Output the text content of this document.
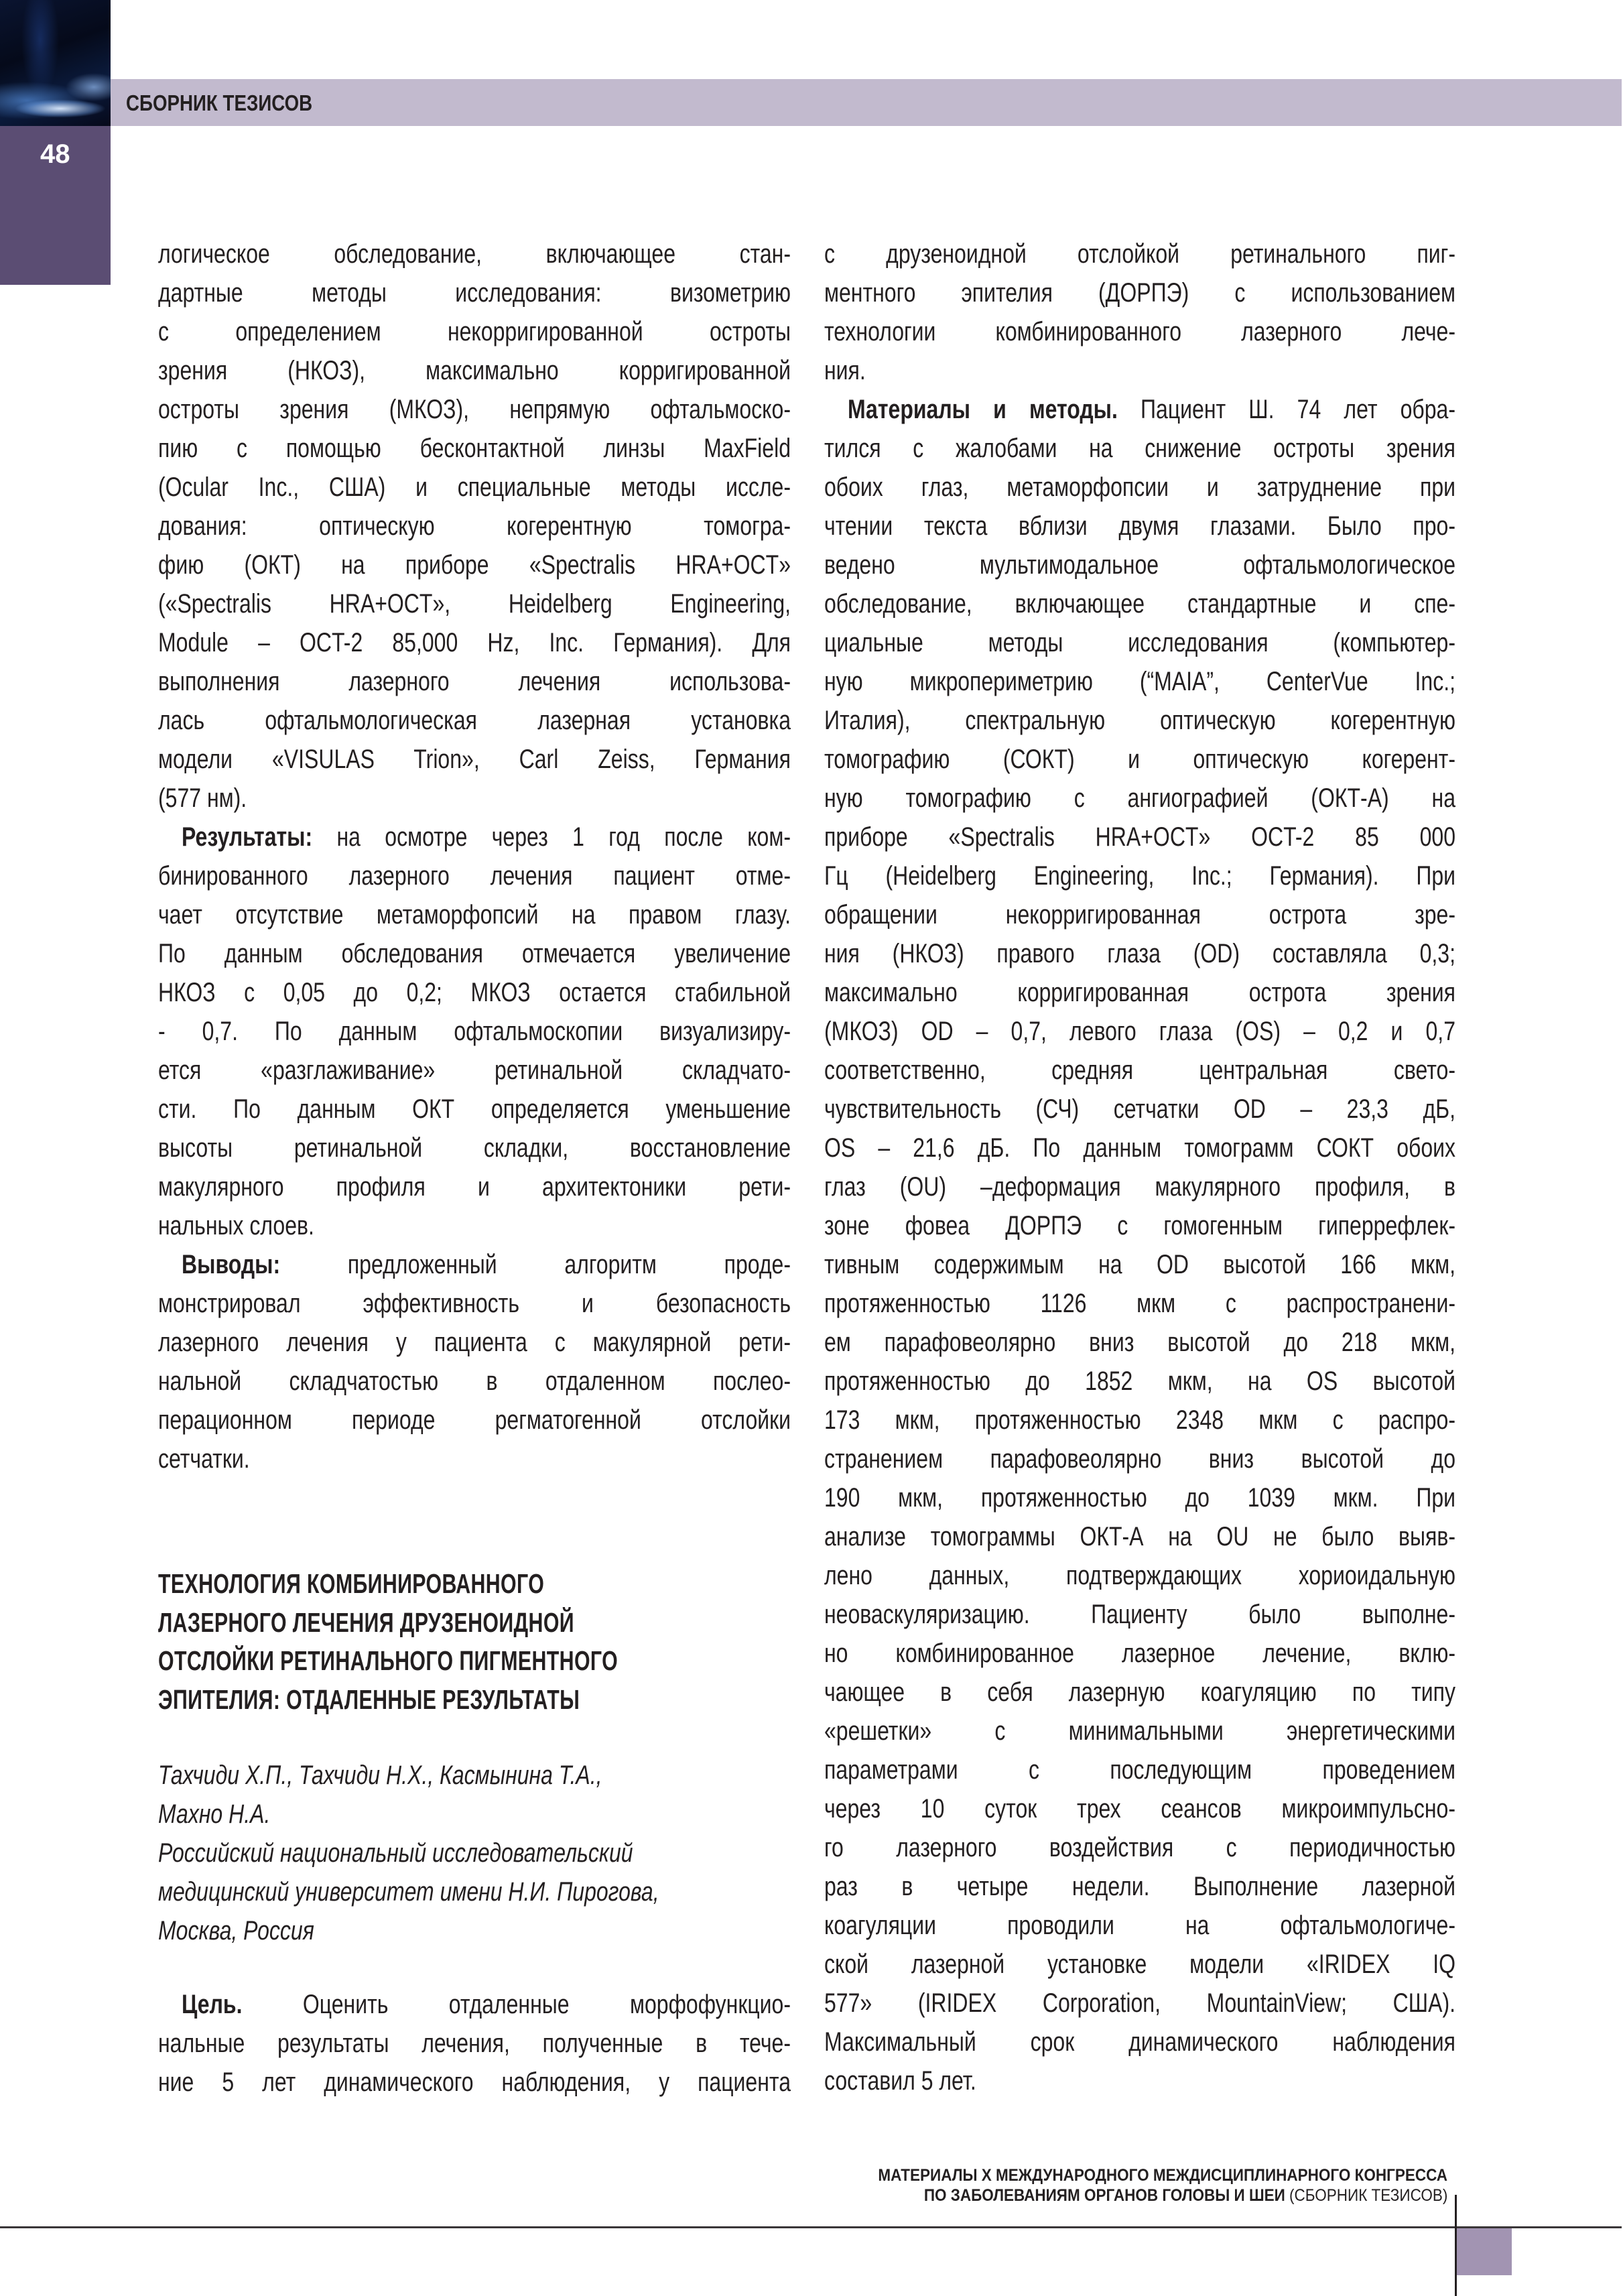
СБОРНИК ТЕЗИСОВ
48
логическое обследование, включающее стан-
дартные методы исследования: визометрию
с определением некорригированной остроты
зрения (НКОЗ), максимально корригированной
остроты зрения (МКОЗ), непрямую офтальмоско-
пию с помощью бесконтактной линзы MaxField
(Ocular Inc., США) и специальные методы иссле-
дования: оптическую когерентную томогра-
фию (ОКТ) на приборе «Spectralis HRA+OCT»
(«Spectralis HRA+OCT», Heidelberg Engineering,
Module – OCT-2 85,000 Hz, Inc. Германия). Для
выполнения лазерного лечения использова-
лась офтальмологическая лазерная установка
модели «VISULAS Trion», Carl Zeiss, Германия
(577 нм).
Результаты: на осмотре через 1 год после ком-
бинированного лазерного лечения пациент отме-
чает отсутствие метаморфопсий на правом глазу.
По данным обследования отмечается увеличение
НКОЗ с 0,05 до 0,2; МКОЗ остается стабильной
- 0,7. По данным офтальмоскопии визуализиру-
ется «разглаживание» ретинальной складчато-
сти. По данным ОКТ определяется уменьшение
высоты ретинальной складки, восстановление
макулярного профиля и архитектоники рети-
нальных слоев.
Выводы: предложенный алгоритм проде-
монстрировал эффективность и безопасность
лазерного лечения у пациента с макулярной рети-
нальной складчатостью в отдаленном послео-
перационном периоде регматогенной отслойки
сетчатки.
ТЕХНОЛОГИЯ КОМБИНИРОВАННОГО
ЛАЗЕРНОГО ЛЕЧЕНИЯ ДРУЗЕНОИДНОЙ
ОТСЛОЙКИ РЕТИНАЛЬНОГО ПИГМЕНТНОГО
ЭПИТЕЛИЯ: ОТДАЛЕННЫЕ РЕЗУЛЬТАТЫ
Тахчиди Х.П., Тахчиди Н.Х., Касмынина Т.А.,
Махно Н.А.
Российский национальный исследовательский
медицинский университет имени Н.И. Пирогова,
Москва, Россия
Цель. Оценить отдаленные морфофункцио-
нальные результаты лечения, полученные в тече-
ние 5 лет динамического наблюдения, у пациента
с друзеноидной отслойкой ретинального пиг-
ментного эпителия (ДОРПЭ) с использованием
технологии комбинированного лазерного лече-
ния.
Материалы и методы. Пациент Ш. 74 лет обра-
тился с жалобами на снижение остроты зрения
обоих глаз, метаморфопсии и затруднение при
чтении текста вблизи двумя глазами. Было про-
ведено мультимодальное офтальмологическое
обследование, включающее стандартные и спе-
циальные методы исследования (компьютер-
ную микропериметрию (“MAIA”, CenterVue Inc.;
Италия), спектральную оптическую когерентную
томографию (СОКТ) и оптическую когерент-
ную томографию с ангиографией (ОКТ-А) на
приборе «Spectralis HRA+OCT» OCT-2 85 000
Гц (Heidelberg Engineering, Inc.; Германия). При
обращении некорригированная острота зре-
ния (НКОЗ) правого глаза (OD) составляла 0,3;
максимально корригированная острота зрения
(МКОЗ) OD – 0,7, левого глаза (OS) – 0,2 и 0,7
соответственно, средняя центральная свето-
чувствительность (СЧ) сетчатки OD – 23,3 дБ,
OS – 21,6 дБ. По данным томограмм СОКТ обоих
глаз (OU) –деформация макулярного профиля, в
зоне фовеа ДОРПЭ с гомогенным гиперрефлек-
тивным содержимым на OD высотой 166 мкм,
протяженностью 1126 мкм с распространени-
ем парафовеолярно вниз высотой до 218 мкм,
протяженностью до 1852 мкм, на OS высотой
173 мкм, протяженностью 2348 мкм с распро-
странением парафовеолярно вниз высотой до
190 мкм, протяженностью до 1039 мкм. При
анализе томограммы ОКТ-А на OU не было выяв-
лено данных, подтверждающих хориоидальную
неоваскуляризацию. Пациенту было выполне-
но комбинированное лазерное лечение, вклю-
чающее в себя лазерную коагуляцию по типу
«решетки» с минимальными энергетическими
параметрами с последующим проведением
через 10 суток трех сеансов микроимпульсно-
го лазерного воздействия с периодичностью
раз в четыре недели. Выполнение лазерной
коагуляции проводили на офтальмологиче-
ской лазерной установке модели «IRIDEX IQ
577» (IRIDEX Corporation, MountainView; США).
Максимальный срок динамического наблюдения
составил 5 лет.
МАТЕРИАЛЫ X МЕЖДУНАРОДНОГО МЕЖДИСЦИПЛИНАРНОГО КОНГРЕССА
ПО ЗАБОЛЕВАНИЯМ ОРГАНОВ ГОЛОВЫ И ШЕИ (СБОРНИК ТЕЗИСОВ)
